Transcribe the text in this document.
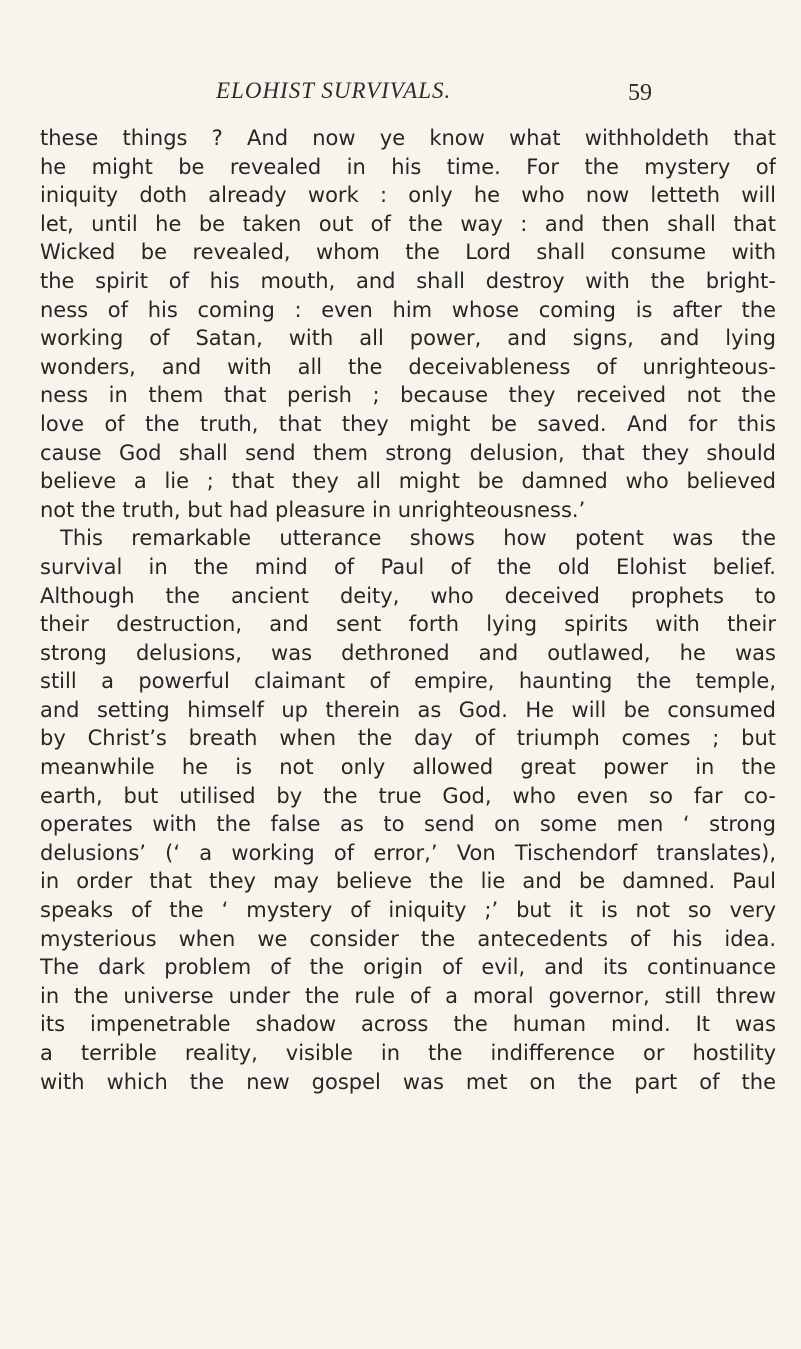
ELOHIST SURVIVALS.	59
these things ? And now ye know what withholdeth that
he might be revealed in his time. For the mystery of
iniquity doth already work : only he who now letteth will
let, until he be taken out of the way : and then shall that
Wicked be revealed, whom the Lord shall consume with
the spirit of his mouth, and shall destroy with the bright-
ness of his coming : even him whose coming is after the
working of Satan, with all power, and signs, and lying
wonders, and with all the deceivableness of unrighteous-
ness in them that perish ; because they received not the
love of the truth, that they might be saved. And for this
cause God shall send them strong delusion, that they should
believe a lie ; that they all might be damned who believed
not the truth, but had pleasure in unrighteousness.’
This remarkable utterance shows how potent was the
survival in the mind of Paul of the old Elohist belief.
Although the ancient deity, who deceived prophets to
their destruction, and sent forth lying spirits with their
strong delusions, was dethroned and outlawed, he was
still a powerful claimant of empire, haunting the temple,
and setting himself up therein as God. He will be consumed
by Christ’s breath when the day of triumph comes ; but
meanwhile he is not only allowed great power in the
earth, but utilised by the true God, who even so far co-
operates with the false as to send on some men ‘ strong
delusions’ (‘ a working of error,’ Von Tischendorf translates),
in order that they may believe the lie and be damned. Paul
speaks of the ‘ mystery of iniquity ;’ but it is not so very
mysterious when we consider the antecedents of his idea.
The dark problem of the origin of evil, and its continuance
in the universe under the rule of a moral governor, still threw
its impenetrable shadow across the human mind. It was
a terrible reality, visible in the indifference or hostility
with which the new gospel was met on the part of the
